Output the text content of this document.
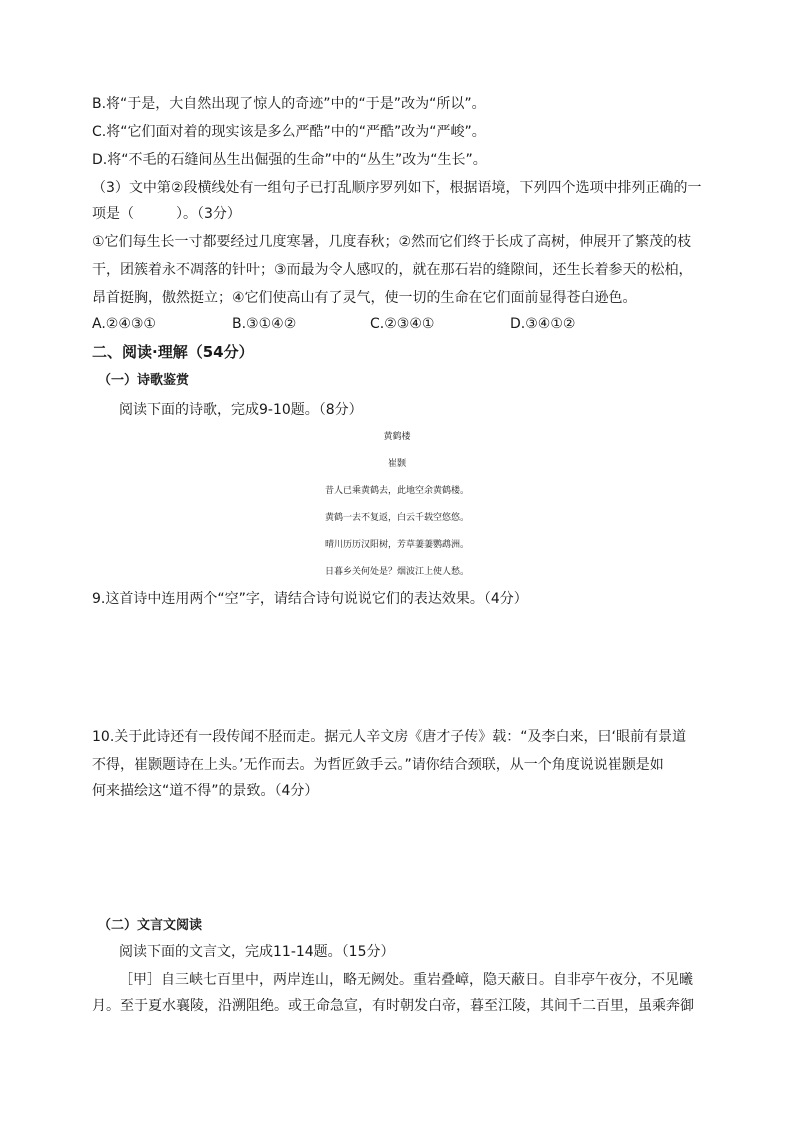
B.将“于是，大自然出现了惊人的奇迹”中的“于是”改为“所以”。
C.将“它们面对着的现实该是多么严酷”中的“严酷”改为“严峻”。
D.将“不毛的石缝间丛生出倔强的生命”中的“丛生”改为“生长”。
（3）文中第②段横线处有一组句子已打乱顺序罗列如下，根据语境，下列四个选项中排列正确的一
项是（　　　）。（3分）
①它们每生长一寸都要经过几度寒暑，几度春秋；②然而它们终于长成了高树，伸展开了繁茂的枝
干，团簇着永不凋落的针叶；③而最为令人感叹的，就在那石岩的缝隙间，还生长着参天的松柏，
昂首挺胸，傲然挺立；④它们使高山有了灵气，使一切的生命在它们面前显得苍白逊色。
A.②④③①	B.③①④②	C.②③④①	D.③④①②
二、阅读·理解（54分）
（一）诗歌鉴赏
阅读下面的诗歌，完成9-10题。（8分）
黄鹤楼
崔颢
昔人已乘黄鹤去，此地空余黄鹤楼。
黄鹤一去不复返，白云千载空悠悠。
晴川历历汉阳树，芳草萋萋鹦鹉洲。
日暮乡关何处是？烟波江上使人愁。
9.这首诗中连用两个“空”字，请结合诗句说说它们的表达效果。（4分）
10.关于此诗还有一段传闻不胫而走。据元人辛文房《唐才子传》载：“及李白来，曰‘眼前有景道
不得，崔颢题诗在上头。’无作而去。为哲匠敛手云。”请你结合颈联，从一个角度说说崔颢是如
何来描绘这“道不得”的景致。（4分）
（二）文言文阅读
阅读下面的文言文，完成11-14题。（15分）
［甲］自三峡七百里中，两岸连山，略无阙处。重岩叠嶂，隐天蔽日。自非亭午夜分，不见曦
月。至于夏水襄陵，沿溯阻绝。或王命急宣，有时朝发白帝，暮至江陵，其间千二百里，虽乘奔御
